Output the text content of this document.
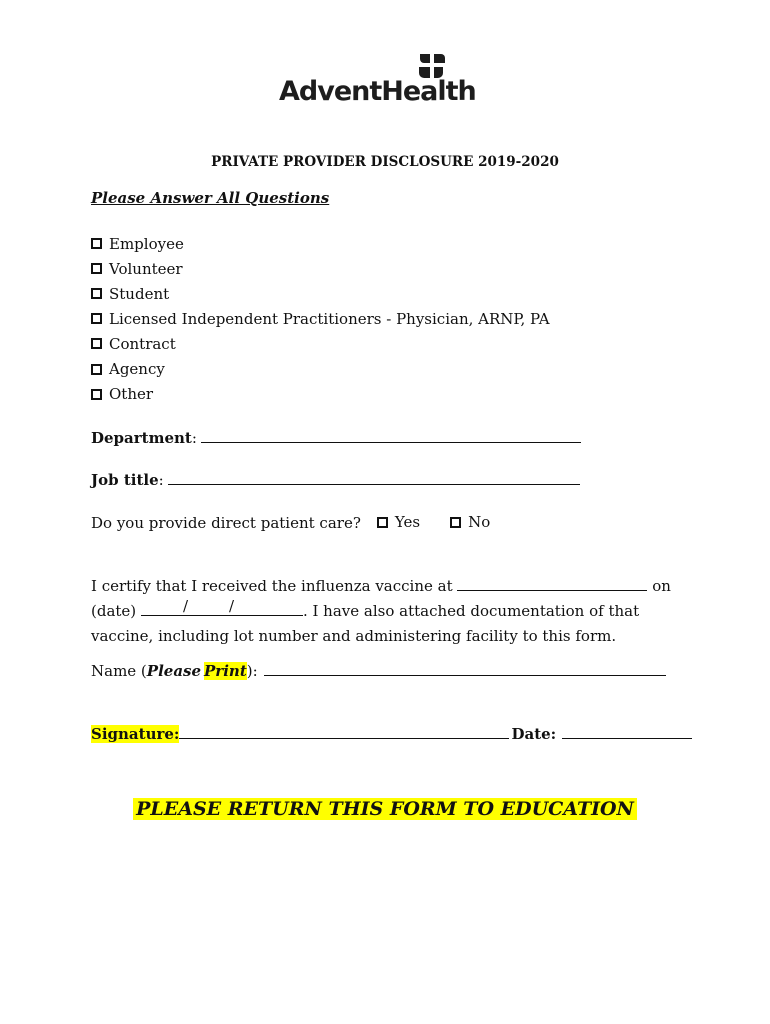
AdventHealth
PRIVATE PROVIDER DISCLOSURE 2019-2020
Please Answer All Questions
Employee
Volunteer
Student
Licensed Independent Practitioners - Physician, ARNP, PA
Contract
Agency
Other
Department :
Job title :
Do you provide direct patient care? Yes	No
I certify that I received the influenza vaccine at	on (date)	/	/	. I have also attached documentation of that vaccine, including lot number and administering facility to this form.
Name ( Please Print ):
Signature:	Date:
PLEASE RETURN THIS FORM TO EDUCATION
